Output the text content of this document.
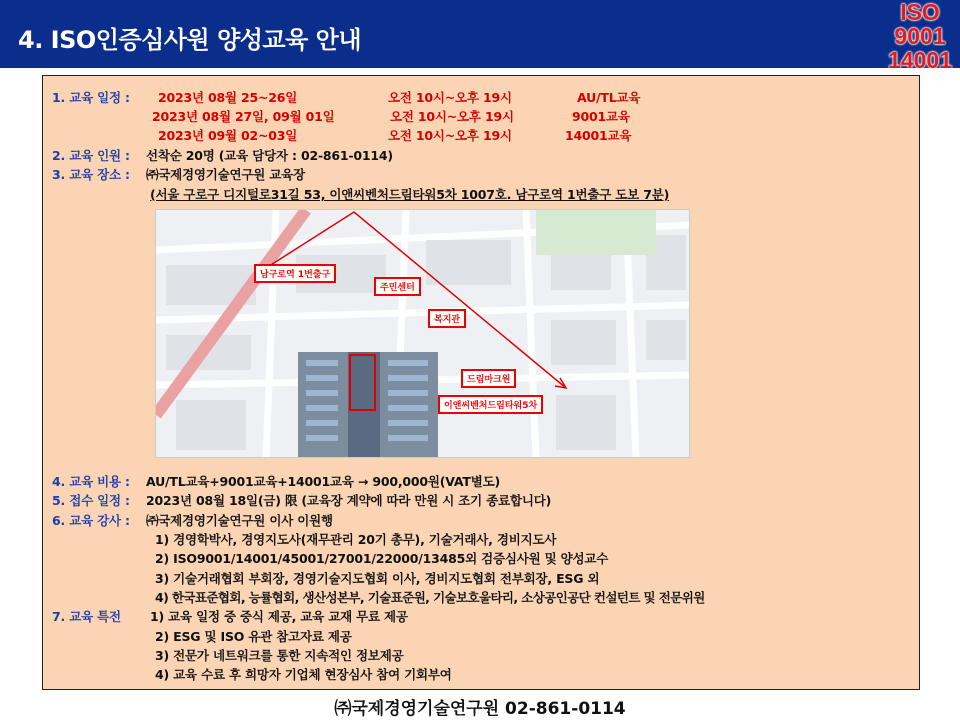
4. ISO인증심사원 양성교육 안내
ISO
9001
14001
1. 교육 일정 : 2023년 08월 25~26일	오전 10시~오후 19시	AU/TL교육
2023년 08월 27일, 09월 01일	오전 10시~오후 19시	9001교육
2023년 09월 02~03일	오전 10시~오후 19시	14001교육
2. 교육 인원 : 선착순 20명 (교육 담당자 : 02-861-0114)
3. 교육 장소 : ㈜국제경영기술연구원 교육장
(서울 구로구 디지털로31길 53, 이앤씨벤처드림타워5차 1007호. 남구로역 1번출구 도보 7분)
남구로역 1번출구
주민센터
복지관
드림마크원
이앤씨벤처드림타워5차
4. 교육 비용 : AU/TL교육+9001교육+14001교육 → 900,000원(VAT별도)
5. 접수 일정 : 2023년 08월 18일(금) 限 (교육장 계약에 따라 만원 시 조기 종료합니다)
6. 교육 강사 : ㈜국제경영기술연구원 이사 이원행
1) 경영학박사, 경영지도사(재무관리 20기 총무), 기술거래사, 경비지도사
2) ISO9001/14001/45001/27001/22000/13485외 검증심사원 및 양성교수
3) 기술거래협회 부회장, 경영기술지도협회 이사, 경비지도협회 전부회장, ESG 외
4) 한국표준협회, 능률협회, 생산성본부, 기술표준원, 기술보호울타리, 소상공인공단 컨설턴트 및 전문위원
7. 교육 특전 1) 교육 일정 중 중식 제공, 교육 교재 무료 제공
2) ESG 및 ISO 유관 참고자료 제공
3) 전문가 네트워크를 통한 지속적인 정보제공
4) 교육 수료 후 희망자 기업체 현장심사 참여 기회부여
㈜국제경영기술연구원 02-861-0114
